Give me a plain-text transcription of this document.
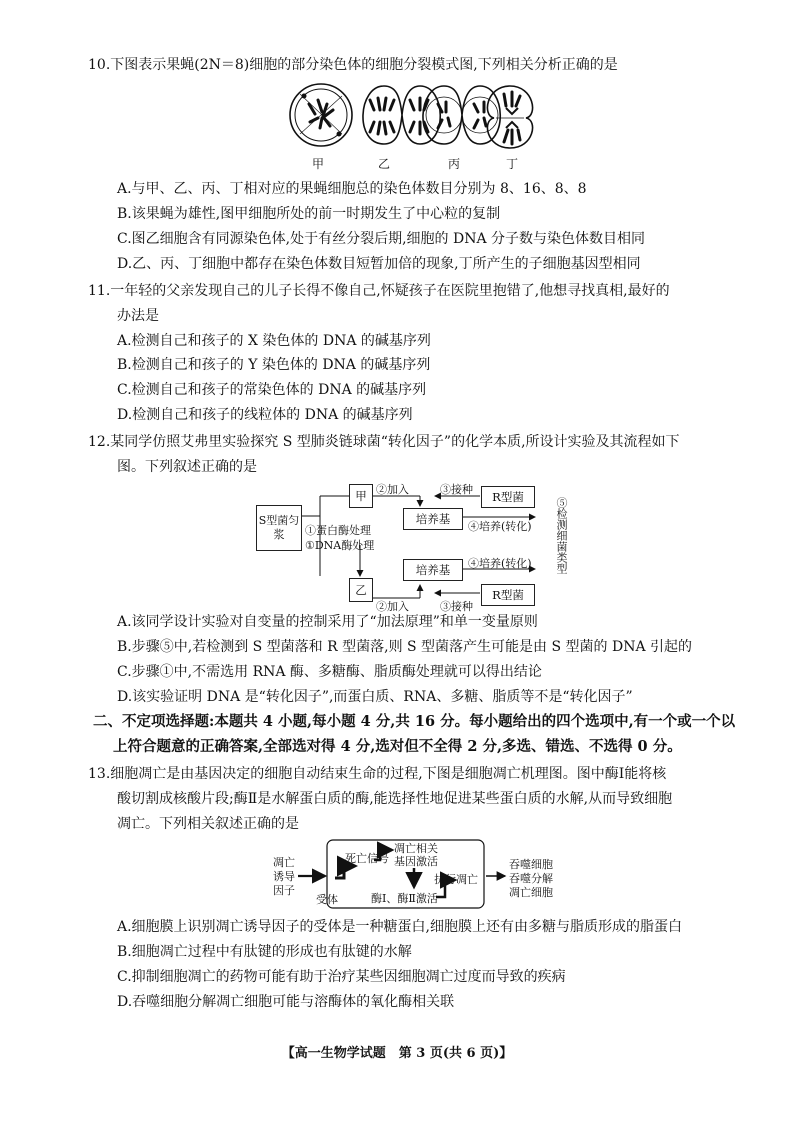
10.下图表示果蝇(2N＝8)细胞的部分染色体的细胞分裂模式图,下列相关分析正确的是
甲	乙	丙	丁
A.与甲、乙、丙、丁相对应的果蝇细胞总的染色体数目分别为 8、16、8、8
B.该果蝇为雄性,图甲细胞所处的前一时期发生了中心粒的复制
C.图乙细胞含有同源染色体,处于有丝分裂后期,细胞的 DNA 分子数与染色体数目相同
D.乙、丙、丁细胞中都存在染色体数目短暂加倍的现象,丁所产生的子细胞基因型相同
11.一年轻的父亲发现自己的儿子长得不像自己,怀疑孩子在医院里抱错了,他想寻找真相,最好的
办法是
A.检测自己和孩子的 X 染色体的 DNA 的碱基序列
B.检测自己和孩子的 Y 染色体的 DNA 的碱基序列
C.检测自己和孩子的常染色体的 DNA 的碱基序列
D.检测自己和孩子的线粒体的 DNA 的碱基序列
12.某同学仿照艾弗里实验探究 S 型肺炎链球菌“转化因子”的化学本质,所设计实验及其流程如下
图。下列叙述正确的是
S型菌匀浆	①蛋白酶处理
①DNA酶处理
甲
乙
②加入
②加入
③接种
③接种
培养基
培养基
R型菌
R型菌
④培养(转化)
④培养(转化) ⑤检测细菌类型
A.该同学设计实验对自变量的控制采用了“加法原理”和单一变量原则
B.步骤⑤中,若检测到 S 型菌落和 R 型菌落,则 S 型菌落产生可能是由 S 型菌的 DNA 引起的
C.步骤①中,不需选用 RNA 酶、多糖酶、脂质酶处理就可以得出结论
D.该实验证明 DNA 是“转化因子”,而蛋白质、RNA、多糖、脂质等不是“转化因子”
二、不定项选择题:本题共 4 小题,每小题 4 分,共 16 分。每小题给出的四个选项中,有一个或一个以
上符合题意的正确答案,全部选对得 4 分,选对但不全得 2 分,多选、错选、不选得 0 分。
13.细胞凋亡是由基因决定的细胞自动结束生命的过程,下图是细胞凋亡机理图。图中酶Ⅰ能将核
酸切割成核酸片段;酶Ⅱ是水解蛋白质的酶,能选择性地促进某些蛋白质的水解,从而导致细胞
凋亡。下列相关叙述正确的是
凋亡
诱导
因子
受体
死亡信号
凋亡相关
基因激活
执行凋亡
酶Ⅰ、酶Ⅱ激活
吞噬细胞
吞噬分解
凋亡细胞
A.细胞膜上识别凋亡诱导因子的受体是一种糖蛋白,细胞膜上还有由多糖与脂质形成的脂蛋白
B.细胞凋亡过程中有肽键的形成也有肽键的水解
C.抑制细胞凋亡的药物可能有助于治疗某些因细胞凋亡过度而导致的疾病
D.吞噬细胞分解凋亡细胞可能与溶酶体的氧化酶相关联
【高一生物学试题　第 3 页(共 6 页)】
